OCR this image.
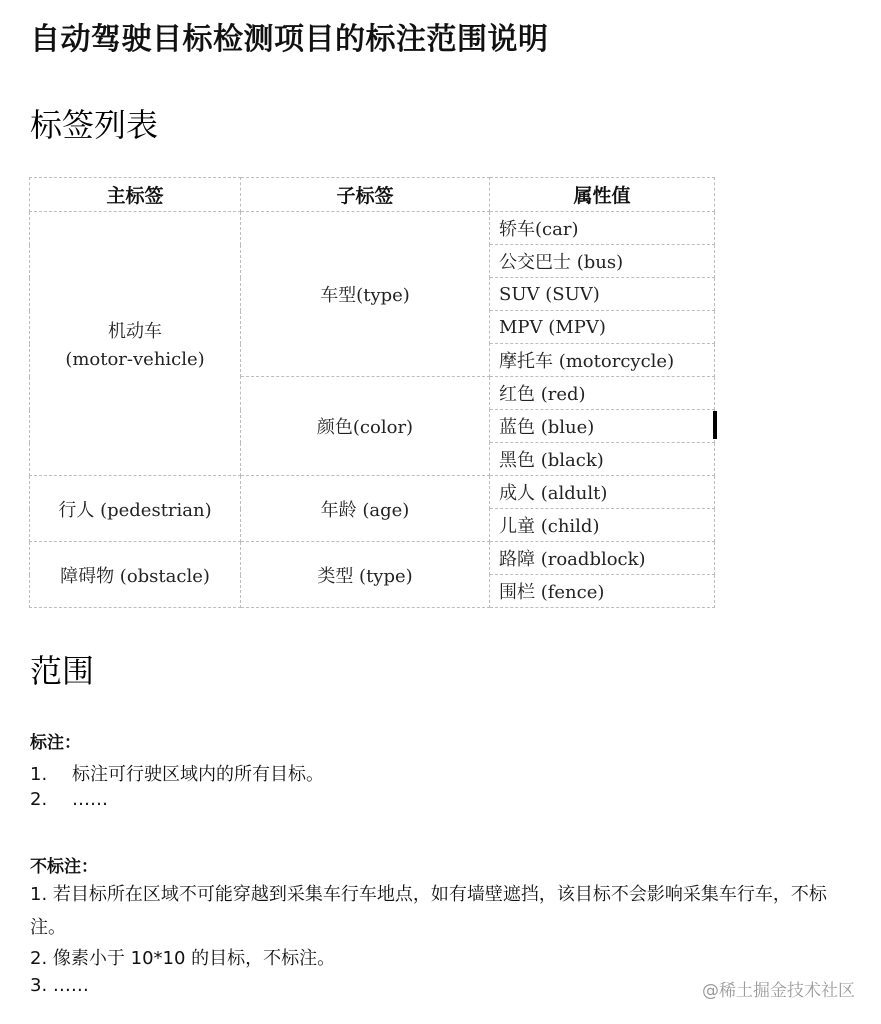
自动驾驶目标检测项目的标注范围说明
标签列表
主标签	子标签	属性值
机动车
(motor-vehicle)	车型(type)	轿车(car)
		公交巴士 (bus)
		SUV (SUV)
		MPV (MPV)
		摩托车 (motorcycle)
	颜色(color)	红色 (red)
		蓝色 (blue)
		黑色 (black)
行人 (pedestrian)	年龄 (age)	成人 (aldult)
		儿童 (child)
障碍物 (obstacle)	类型 (type)	路障 (roadblock)
		围栏 (fence)
范围
标注：
1. 标注可行驶区域内的所有目标。
2. ……
不标注：
1. 若目标所在区域不可能穿越到采集车行车地点，如有墙壁遮挡，该目标不会影响采集车行车，不标注。
2. 像素小于 10*10 的目标，不标注。
3. ……	@稀土掘金技术社区
